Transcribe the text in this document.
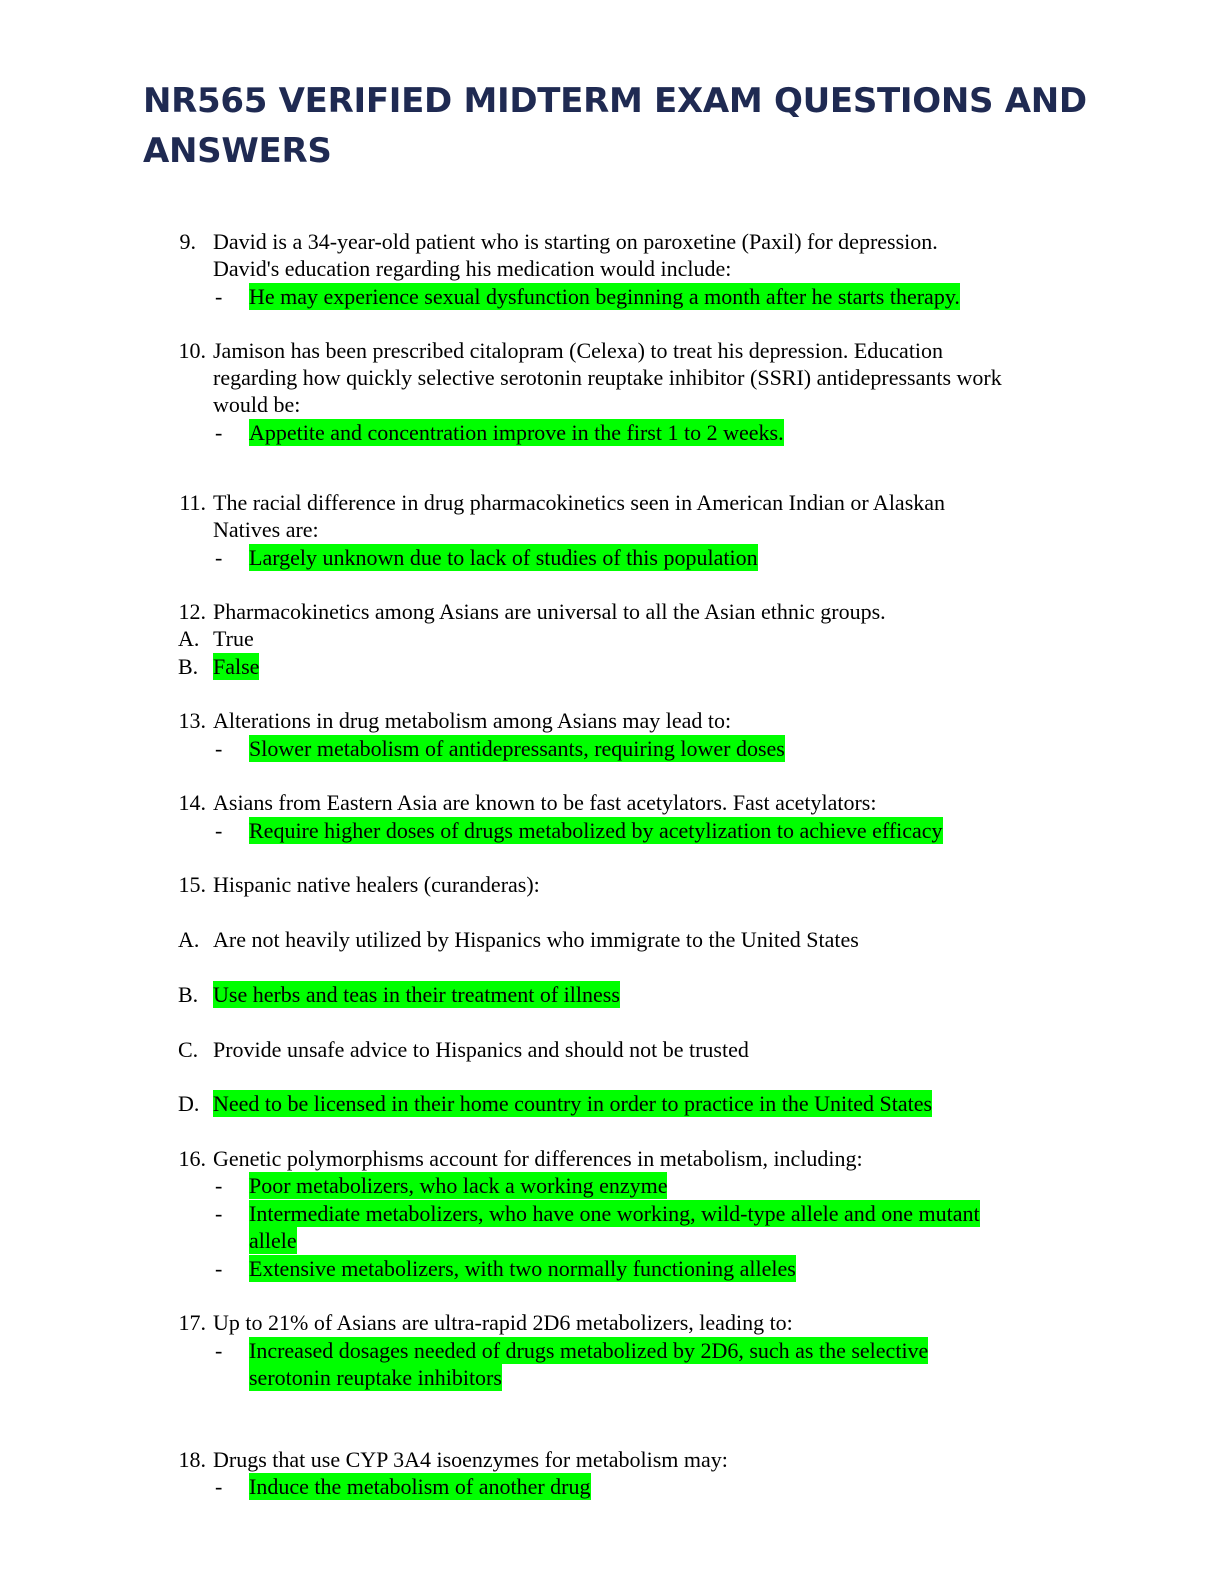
NR565 VERIFIED MIDTERM EXAM QUESTIONS AND
ANSWERS
9. David is a 34-year-old patient who is starting on paroxetine (Paxil) for depression.
David's education regarding his medication would include:
- He may experience sexual dysfunction beginning a month after he starts therapy.
10. Jamison has been prescribed citalopram (Celexa) to treat his depression. Education
regarding how quickly selective serotonin reuptake inhibitor (SSRI) antidepressants work
would be:
- Appetite and concentration improve in the first 1 to 2 weeks.
11. The racial difference in drug pharmacokinetics seen in American Indian or Alaskan
Natives are:
- Largely unknown due to lack of studies of this population
12. Pharmacokinetics among Asians are universal to all the Asian ethnic groups.
A. True
B. False
13. Alterations in drug metabolism among Asians may lead to:
- Slower metabolism of antidepressants, requiring lower doses
14. Asians from Eastern Asia are known to be fast acetylators. Fast acetylators:
- Require higher doses of drugs metabolized by acetylization to achieve efficacy
15. Hispanic native healers (curanderas):
A. Are not heavily utilized by Hispanics who immigrate to the United States
B. Use herbs and teas in their treatment of illness
C. Provide unsafe advice to Hispanics and should not be trusted
D. Need to be licensed in their home country in order to practice in the United States
16. Genetic polymorphisms account for differences in metabolism, including:
- Poor metabolizers, who lack a working enzyme
- Intermediate metabolizers, who have one working, wild-type allele and one mutant
allele
- Extensive metabolizers, with two normally functioning alleles
17. Up to 21% of Asians are ultra-rapid 2D6 metabolizers, leading to:
- Increased dosages needed of drugs metabolized by 2D6, such as the selective
serotonin reuptake inhibitors
18. Drugs that use CYP 3A4 isoenzymes for metabolism may:
- Induce the metabolism of another drug
